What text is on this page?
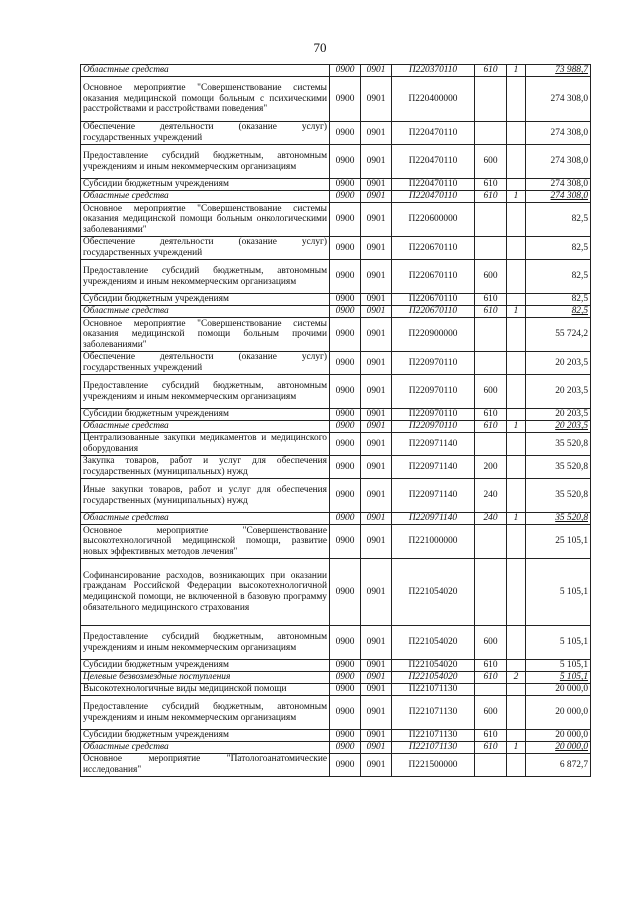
70
Областные средства	0900	0901	П220370110	610	1	73 988,7
Основное мероприятие "Совершенствование системы оказания медицинской помощи больным с психическими расстройствами и расстройствами поведения"	0900	0901	П220400000			274 308,0
Обеспечение деятельности (оказание услуг) государственных учреждений	0900	0901	П220470110			274 308,0
Предоставление субсидий бюджетным, автономным учреждениям и иным некоммерческим организациям	0900	0901	П220470110	600		274 308,0
Субсидии бюджетным учреждениям	0900	0901	П220470110	610		274 308,0
Областные средства	0900	0901	П220470110	610	1	274 308,0
Основное мероприятие "Совершенствование системы оказания медицинской помощи больным онкологическими заболеваниями"	0900	0901	П220600000			82,5
Обеспечение деятельности (оказание услуг) государственных учреждений	0900	0901	П220670110			82,5
Предоставление субсидий бюджетным, автономным учреждениям и иным некоммерческим организациям	0900	0901	П220670110	600		82,5
Субсидии бюджетным учреждениям	0900	0901	П220670110	610		82,5
Областные средства	0900	0901	П220670110	610	1	82,5
Основное мероприятие "Совершенствование системы оказания медицинской помощи больным прочими заболеваниями"	0900	0901	П220900000			55 724,2
Обеспечение деятельности (оказание услуг) государственных учреждений	0900	0901	П220970110			20 203,5
Предоставление субсидий бюджетным, автономным учреждениям и иным некоммерческим организациям	0900	0901	П220970110	600		20 203,5
Субсидии бюджетным учреждениям	0900	0901	П220970110	610		20 203,5
Областные средства	0900	0901	П220970110	610	1	20 203,5
Централизованные закупки медикаментов и медицинского оборудования	0900	0901	П220971140			35 520,8
Закупка товаров, работ и услуг для обеспечения государственных (муниципальных) нужд	0900	0901	П220971140	200		35 520,8
Иные закупки товаров, работ и услуг для обеспечения государственных (муниципальных) нужд	0900	0901	П220971140	240		35 520,8
Областные средства	0900	0901	П220971140	240	1	35 520,8
Основное мероприятие "Совершенствование высокотехнологичной медицинской помощи, развитие новых эффективных методов лечения"	0900	0901	П221000000			25 105,1
Софинансирование расходов, возникающих при оказании гражданам Российской Федерации высокотехнологичной медицинской помощи, не включенной в базовую программу обязательного медицинского страхования	0900	0901	П221054020			5 105,1
Предоставление субсидий бюджетным, автономным учреждениям и иным некоммерческим организациям	0900	0901	П221054020	600		5 105,1
Субсидии бюджетным учреждениям	0900	0901	П221054020	610		5 105,1
Целевые безвозмездные поступления	0900	0901	П221054020	610	2	5 105,1
Высокотехнологичные виды медицинской помощи	0900	0901	П221071130			20 000,0
Предоставление субсидий бюджетным, автономным учреждениям и иным некоммерческим организациям	0900	0901	П221071130	600		20 000,0
Субсидии бюджетным учреждениям	0900	0901	П221071130	610		20 000,0
Областные средства	0900	0901	П221071130	610	1	20 000,0
Основное мероприятие "Патологоанатомические исследования"	0900	0901	П221500000			6 872,7
